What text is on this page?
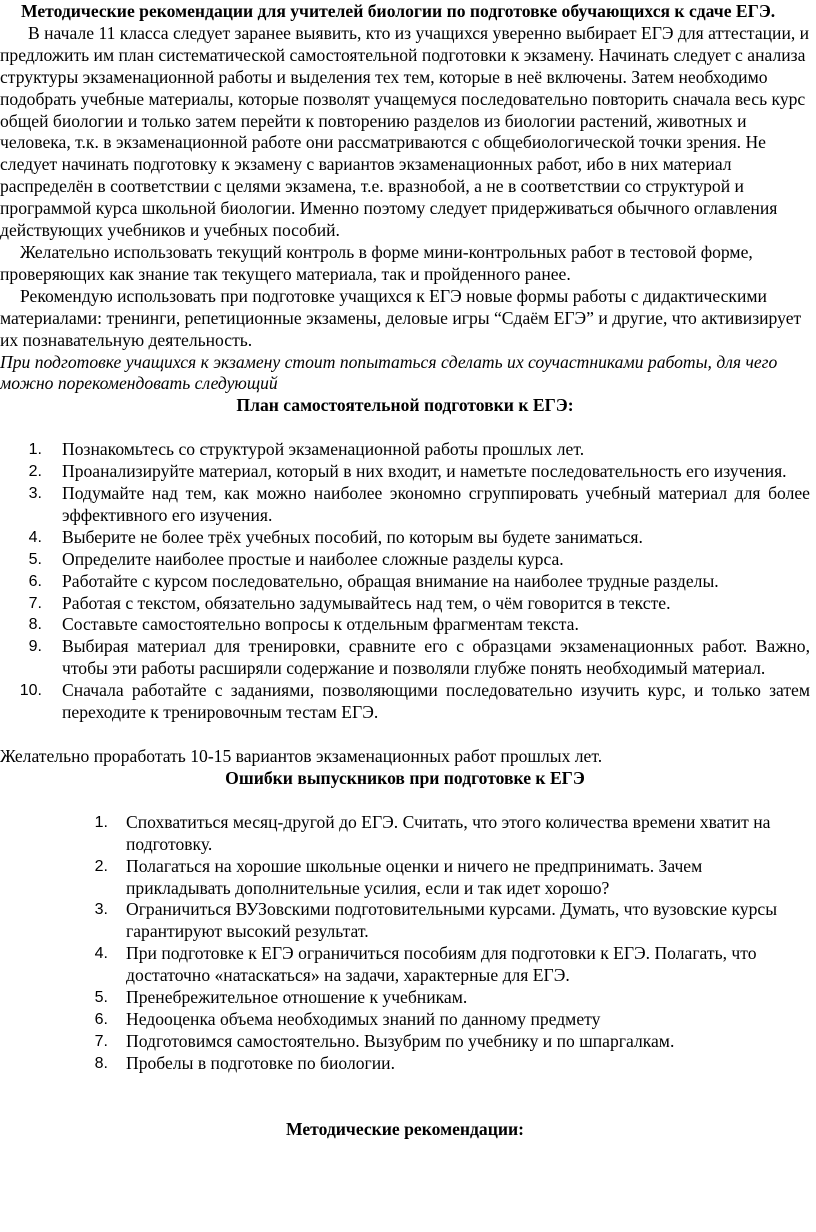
Методические рекомендации для учителей биологии по подготовке обучающихся к сдаче ЕГЭ.

В начале 11 класса следует заранее выявить, кто из учащихся уверенно выбирает ЕГЭ для аттестации, и предложить им план систематической самостоятельной подготовки к экзамену. Начинать следует с анализа структуры экзаменационной работы и выделения тех тем, которые в неё включены. Затем необходимо подобрать учебные материалы, которые позволят учащемуся последовательно повторить сначала весь курс общей биологии и только затем перейти к повторению разделов из биологии растений, животных и человека, т.к. в экзаменационной работе они рассматриваются с общебиологической точки зрения. Не следует начинать подготовку к экзамену с вариантов экзаменационных работ, ибо в них материал распределён в соответствии с целями экзамена, т.е. вразнобой, а не в соответствии со структурой и программой курса школьной биологии. Именно поэтому следует придерживаться обычного оглавления действующих учебников и учебных пособий.

Желательно использовать текущий контроль в форме мини-контрольных работ в тестовой форме, проверяющих как знание так текущего материала, так и пройденного ранее.

Рекомендую использовать при подготовке учащихся к ЕГЭ новые формы работы с дидактическими материалами: тренинги, репетиционные экзамены, деловые игры “Сдаём ЕГЭ” и другие, что активизирует их познавательную деятельность.

При подготовке учащихся к экзамену стоит попытаться сделать их соучастниками работы, для чего можно порекомендовать следующий

План самостоятельной подготовки к ЕГЭ:

1. Познакомьтесь со структурой экзаменационной работы прошлых лет.
2. Проанализируйте материал, который в них входит, и наметьте последовательность его изучения.
3. Подумайте над тем, как можно наиболее экономно сгруппировать учебный материал для более эффективного его изучения.
4. Выберите не более трёх учебных пособий, по которым вы будете заниматься.
5. Определите наиболее простые и наиболее сложные разделы курса.
6. Работайте с курсом последовательно, обращая внимание на наиболее трудные разделы.
7. Работая с текстом, обязательно задумывайтесь над тем, о чём говорится в тексте.
8. Составьте самостоятельно вопросы к отдельным фрагментам текста.
9. Выбирая материал для тренировки, сравните его с образцами экзаменационных работ. Важно, чтобы эти работы расширяли содержание и позволяли глубже понять необходимый материал.
10. Сначала работайте с заданиями, позволяющими последовательно изучить курс, и только затем переходите к тренировочным тестам ЕГЭ.

Желательно проработать 10-15 вариантов экзаменационных работ прошлых лет.

Ошибки выпускников при подготовке к ЕГЭ

1. Спохватиться месяц-другой до ЕГЭ. Считать, что этого количества времени хватит на подготовку.
2. Полагаться на хорошие школьные оценки и ничего не предпринимать. Зачем прикладывать дополнительные усилия, если и так идет хорошо?
3. Ограничиться ВУЗовскими подготовительными курсами. Думать, что вузовские курсы гарантируют высокий результат.
4. При подготовке к ЕГЭ ограничиться пособиям для подготовки к ЕГЭ. Полагать, что достаточно «натаскаться» на задачи, характерные для ЕГЭ.
5. Пренебрежительное отношение к учебникам.
6. Недооценка объема необходимых знаний по данному предмету
7. Подготовимся самостоятельно. Вызубрим по учебнику и по шпаргалкам.
8. Пробелы в подготовке по биологии.

Методические рекомендации:
